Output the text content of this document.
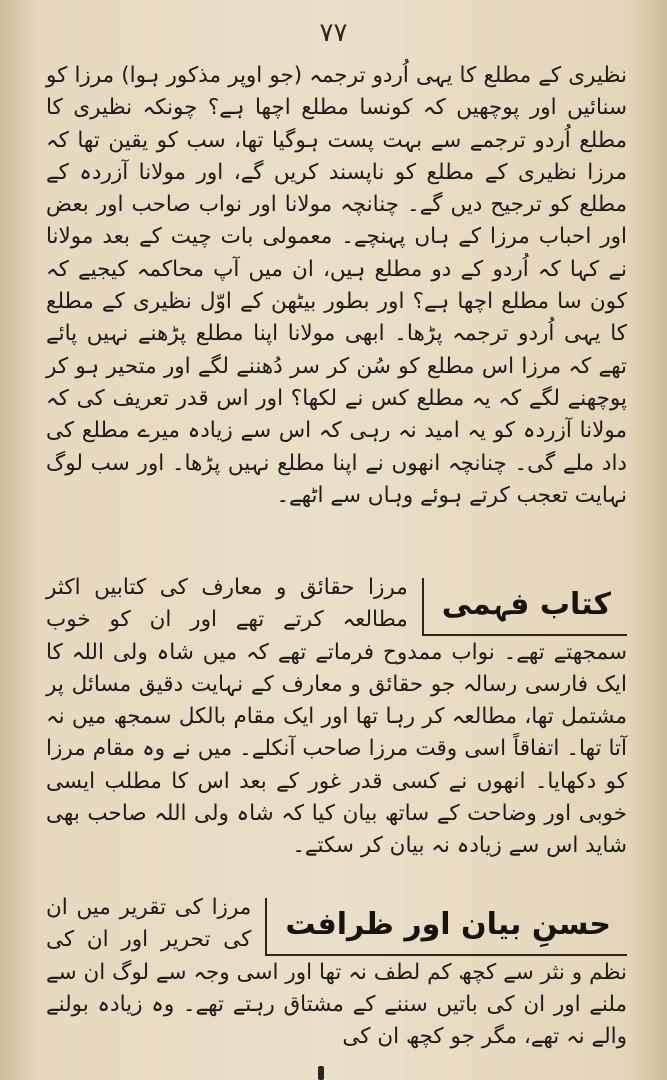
۷۷

نظیری کے مطلع کا یہی اُردو ترجمہ (جو اوپر مذکور ہوا) مرزا کو سنائیں اور پوچھیں کہ کونسا مطلع اچھا ہے؟ چونکہ نظیری کا مطلع اُردو ترجمے سے بہت پست ہوگیا تھا، سب کو یقین تھا کہ مرزا نظیری کے مطلع کو ناپسند کریں گے، اور مولانا آزردہ کے مطلع کو ترجیح دیں گے۔ چنانچہ مولانا اور نواب صاحب اور بعض اور احباب مرزا کے ہاں پہنچے۔ معمولی بات چیت کے بعد مولانا نے کہا کہ اُردو کے دو مطلع ہیں، ان میں آپ محاکمہ کیجیے کہ کون سا مطلع اچھا ہے؟ اور بطور بیٹھن کے اوّل نظیری کے مطلع کا یہی اُردو ترجمہ پڑھا۔ ابھی مولانا اپنا مطلع پڑھنے نہیں پائے تھے کہ مرزا اس مطلع کو سُن کر سر دُھننے لگے اور متحیر ہو کر پوچھنے لگے کہ یہ مطلع کس نے لکھا؟ اور اس قدر تعریف کی کہ مولانا آزردہ کو یہ امید نہ رہی کہ اس سے زیادہ میرے مطلع کی داد ملے گی۔ چنانچہ انھوں نے اپنا مطلع نہیں پڑھا۔ اور سب لوگ نہایت تعجب کرتے ہوئے وہاں سے اٹھے۔

کتاب فہمی

مرزا حقائق و معارف کی کتابیں اکثر مطالعہ کرتے تھے اور ان کو خوب سمجھتے تھے۔ نواب ممدوح فرماتے تھے کہ میں شاہ ولی اللہ کا ایک فارسی رسالہ جو حقائق و معارف کے نہایت دقیق مسائل پر مشتمل تھا، مطالعہ کر رہا تھا اور ایک مقام بالکل سمجھ میں نہ آتا تھا۔ اتفاقاً اسی وقت مرزا صاحب آنکلے۔ میں نے وہ مقام مرزا کو دکھایا۔ انھوں نے کسی قدر غور کے بعد اس کا مطلب ایسی خوبی اور وضاحت کے ساتھ بیان کیا کہ شاہ ولی اللہ صاحب بھی شاید اس سے زیادہ نہ بیان کر سکتے۔

حسنِ بیان اور ظرافت

مرزا کی تقریر میں ان کی تحریر اور ان کی نظم و نثر سے کچھ کم لطف نہ تھا اور اسی وجہ سے لوگ ان سے ملنے اور ان کی باتیں سننے کے مشتاق رہتے تھے۔ وہ زیادہ بولنے والے نہ تھے، مگر جو کچھ ان کی
